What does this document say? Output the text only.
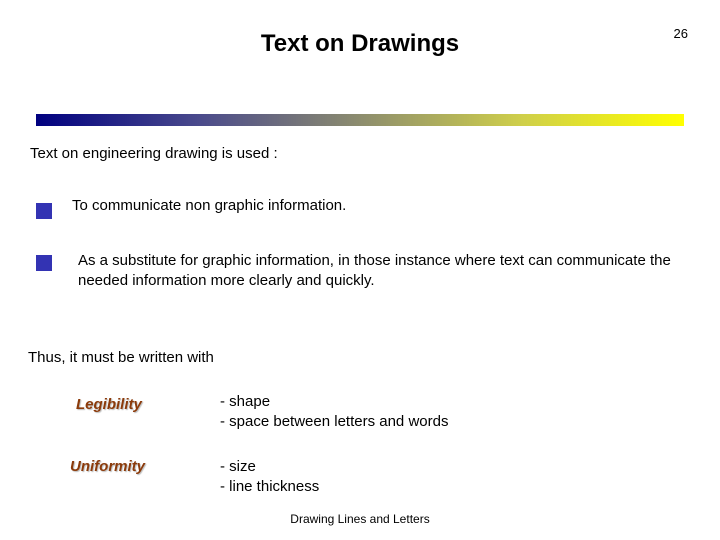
Text on Drawings	26
Text on engineering drawing is used :
To communicate non graphic information.
As a substitute for graphic information, in those instance where text can communicate the needed information more clearly and quickly.
Thus, it must be written with
Legibility	- shape
- space between letters and words
Uniformity	- size
- line thickness
Drawing Lines and Letters
